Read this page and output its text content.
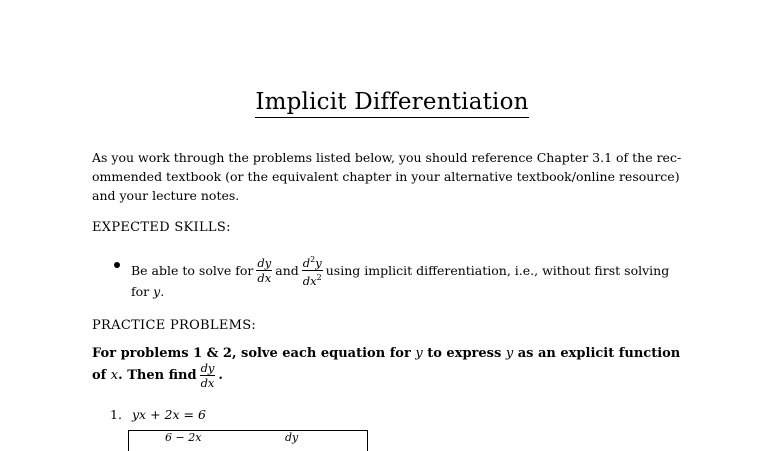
Implicit Differentiation
As you work through the problems listed below, you should reference Chapter 3.1 of the rec-
ommended textbook (or the equivalent chapter in your alternative textbook/online resource)
and your lecture notes.
EXPECTED SKILLS:
Be able to solve for $\frac{dy}{dx}$ and $\frac{d^2y}{dx^2}$ using implicit differentiation, i.e., without first solving
for y.
PRACTICE PROBLEMS:
For problems 1 & 2, solve each equation for y to express y as an explicit function
of
x . Then find $\frac{dy}{dx}$ .
1. yx + 2x = 6
6 − 2x	dy
